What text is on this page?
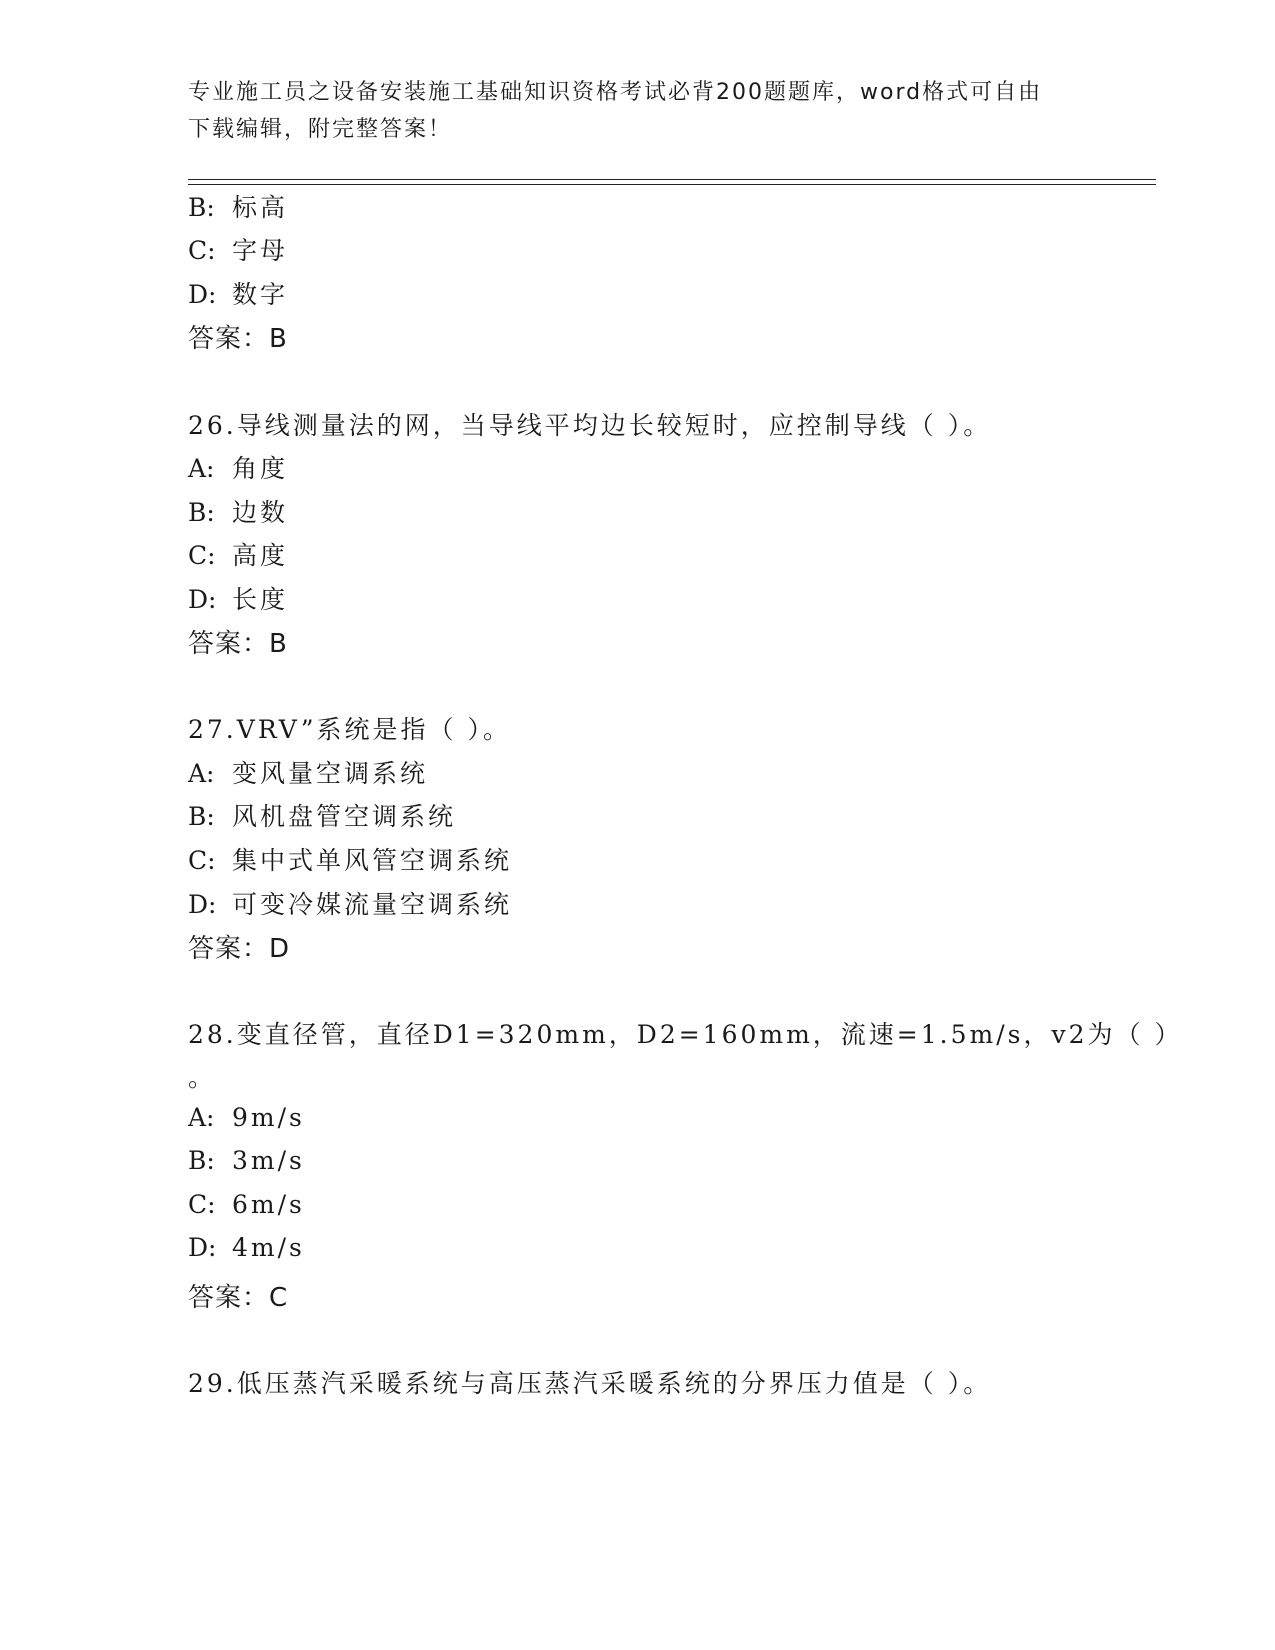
专业施工员之设备安装施工基础知识资格考试必背200题题库，word格式可自由
下载编辑，附完整答案！
B: 标高
C: 字母
D: 数字
答案：B
26.导线测量法的网，当导线平均边长较短时，应控制导线（ ）。
A: 角度
B: 边数
C: 高度
D: 长度
答案：B
27.VRV”系统是指（ ）。
A: 变风量空调系统
B: 风机盘管空调系统
C: 集中式单风管空调系统
D: 可变冷媒流量空调系统
答案：D
28.变直径管，直径D1=320mm，D2=160mm，流速=1.5m/s，v2为（ ）
。
A: 9m/s
B: 3m/s
C: 6m/s
D: 4m/s
答案：C
29.低压蒸汽采暖系统与高压蒸汽采暖系统的分界压力值是（ ）。
